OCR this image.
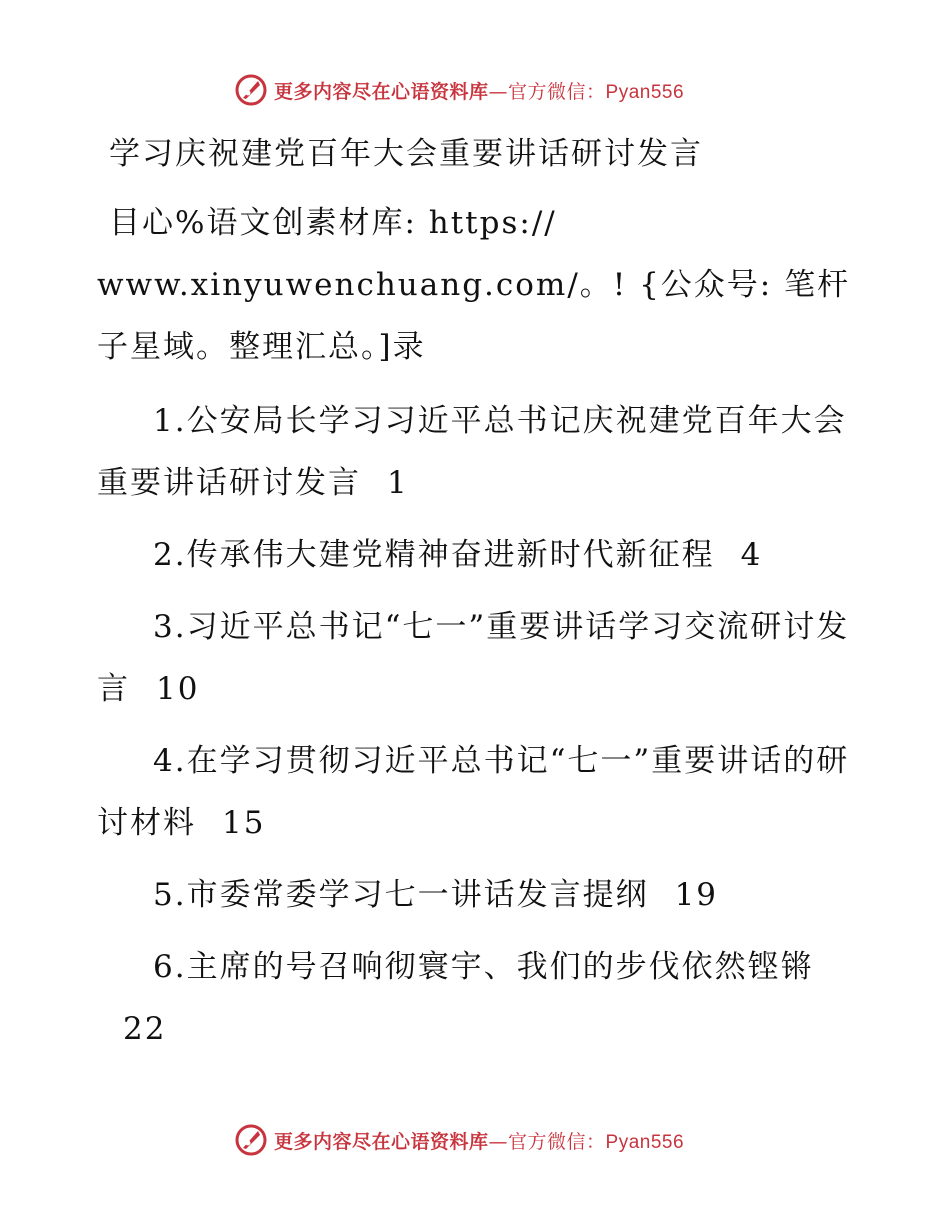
更多内容尽在心语资料库—官方微信：Pyan556
学习庆祝建党百年大会重要讲话研讨发言
目心%语文创素材库: https://
www.xinyuwenchuang.com/。! {公众号: 笔杆子星域。整理汇总。]录
1.公安局长学习习近平总书记庆祝建党百年大会重要讲话研讨发言 1
2.传承伟大建党精神奋进新时代新征程 4
3.习近平总书记“七一”重要讲话学习交流研讨发言 10
4.在学习贯彻习近平总书记“七一”重要讲话的研讨材料 15
5.市委常委学习七一讲话发言提纲 19
6.主席的号召响彻寰宇、我们的步伐依然铿锵22
更多内容尽在心语资料库—官方微信：Pyan556
